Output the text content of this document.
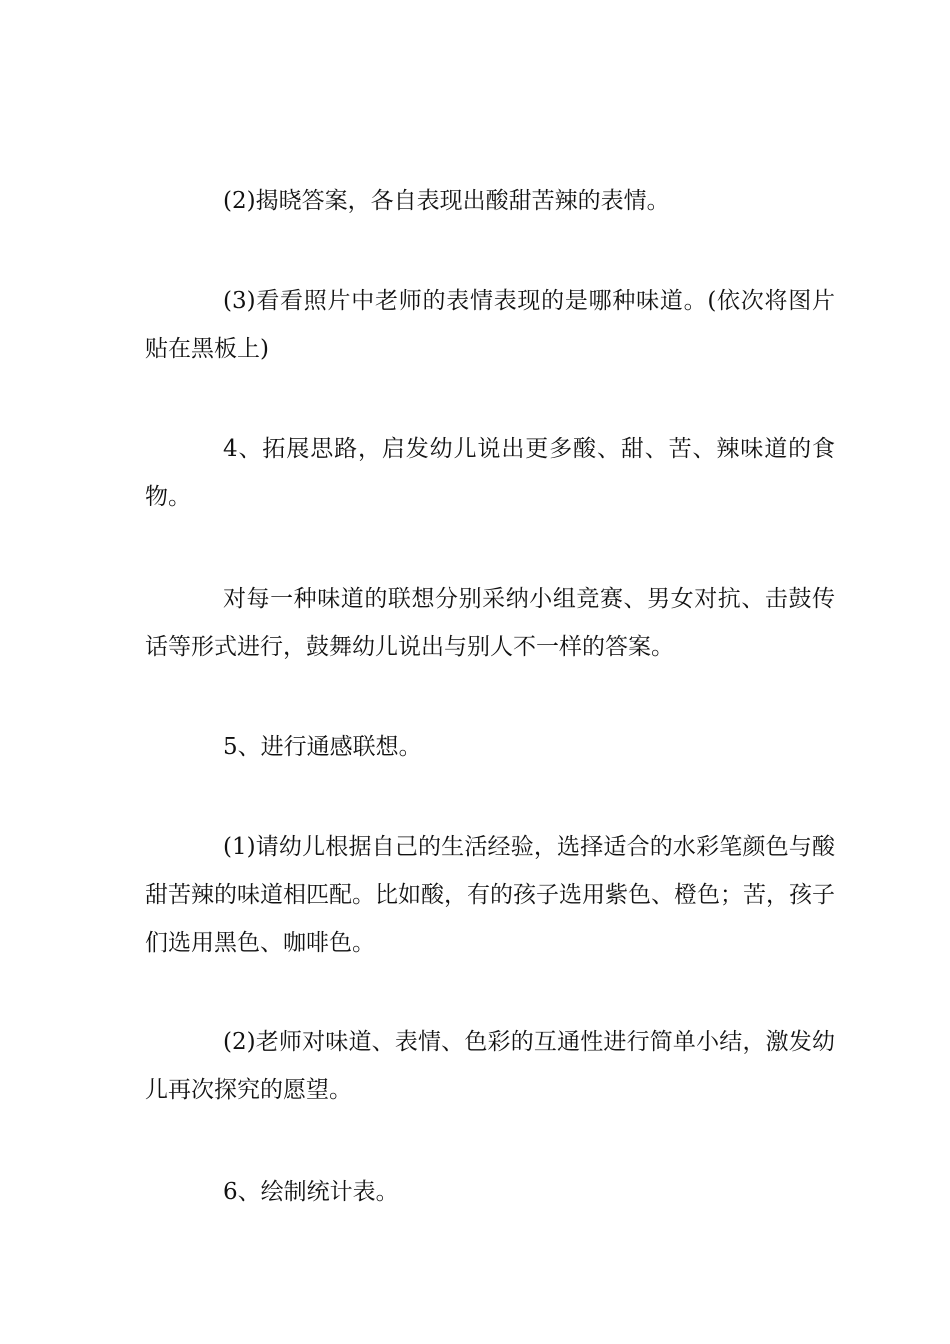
(2)揭晓答案，各自表现出酸甜苦辣的表情。

(3)看看照片中老师的表情表现的是哪种味道。(依次将图片贴在黑板上)

4、拓展思路，启发幼儿说出更多酸、甜、苦、辣味道的食物。

对每一种味道的联想分别采纳小组竞赛、男女对抗、击鼓传话等形式进行，鼓舞幼儿说出与别人不一样的答案。

5、进行通感联想。

(1)请幼儿根据自己的生活经验，选择适合的水彩笔颜色与酸甜苦辣的味道相匹配。比如酸，有的孩子选用紫色、橙色；苦，孩子们选用黑色、咖啡色。

(2)老师对味道、表情、色彩的互通性进行简单小结，激发幼儿再次探究的愿望。

6、绘制统计表。
